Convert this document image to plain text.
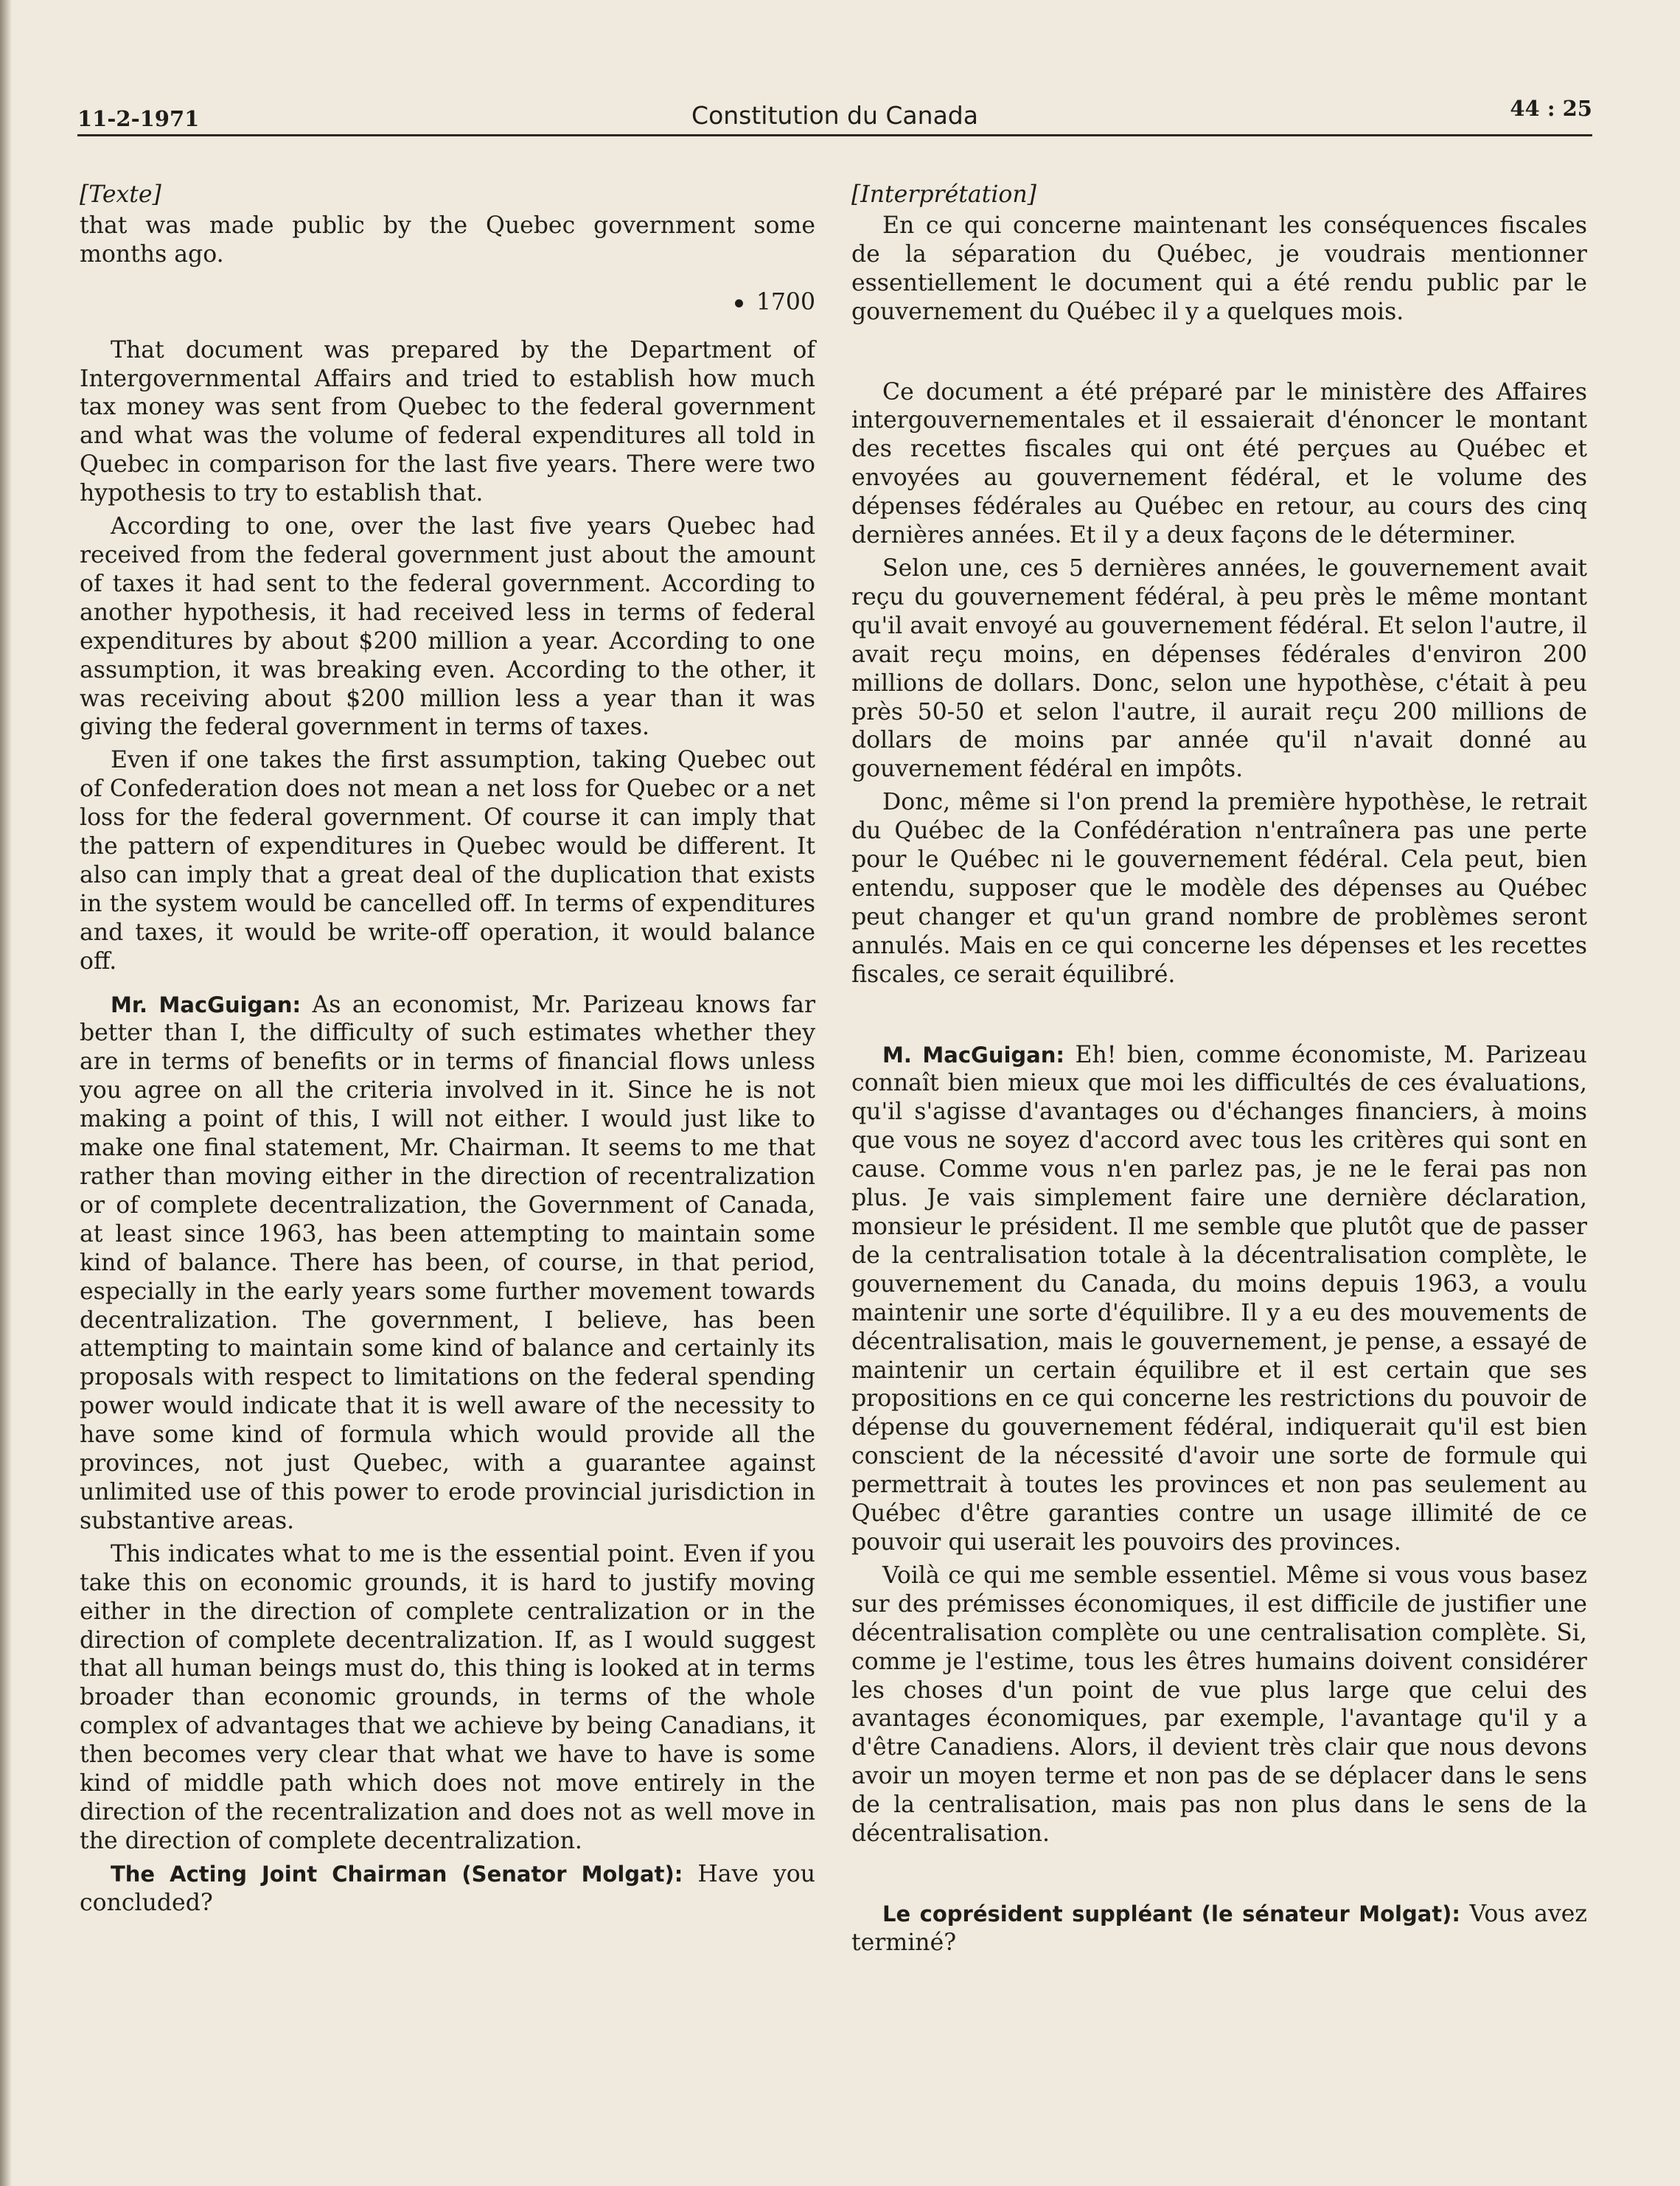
11-2-1971	Constitution du Canada	44 : 25
[Texte]

that was made public by the Quebec government some months ago.

1700

That document was prepared by the Department of Intergovernmental Affairs and tried to establish how much tax money was sent from Quebec to the federal government and what was the volume of federal expenditures all told in Quebec in comparison for the last five years. There were two hypothesis to try to establish that.

According to one, over the last five years Quebec had received from the federal government just about the amount of taxes it had sent to the federal government. According to another hypothesis, it had received less in terms of federal expenditures by about $200 million a year. According to one assumption, it was breaking even. According to the other, it was receiving about $200 million less a year than it was giving the federal government in terms of taxes.

Even if one takes the first assumption, taking Quebec out of Confederation does not mean a net loss for Quebec or a net loss for the federal government. Of course it can imply that the pattern of expenditures in Quebec would be different. It also can imply that a great deal of the duplication that exists in the system would be cancelled off. In terms of expenditures and taxes, it would be write-off operation, it would balance off.

Mr. MacGuigan: As an economist, Mr. Parizeau knows far better than I, the difficulty of such estimates whether they are in terms of benefits or in terms of financial flows unless you agree on all the criteria involved in it. Since he is not making a point of this, I will not either. I would just like to make one final statement, Mr. Chairman. It seems to me that rather than moving either in the direction of recentralization or of complete decentralization, the Government of Canada, at least since 1963, has been attempting to maintain some kind of balance. There has been, of course, in that period, especially in the early years some further movement towards decentralization. The government, I believe, has been attempting to maintain some kind of balance and certainly its proposals with respect to limitations on the federal spending power would indicate that it is well aware of the necessity to have some kind of formula which would provide all the provinces, not just Quebec, with a guarantee against unlimited use of this power to erode provincial jurisdiction in substantive areas.

This indicates what to me is the essential point. Even if you take this on economic grounds, it is hard to justify moving either in the direction of complete centralization or in the direction of complete decentralization. If, as I would suggest that all human beings must do, this thing is looked at in terms broader than economic grounds, in terms of the whole complex of advantages that we achieve by being Canadians, it then becomes very clear that what we have to have is some kind of middle path which does not move entirely in the direction of the recentralization and does not as well move in the direction of complete decentralization.

The Acting Joint Chairman (Senator Molgat): Have you concluded?

[Interprétation]

En ce qui concerne maintenant les conséquences fiscales de la séparation du Québec, je voudrais mentionner essentiellement le document qui a été rendu public par le gouvernement du Québec il y a quelques mois.

Ce document a été préparé par le ministère des Affaires intergouvernementales et il essaierait d'énoncer le montant des recettes fiscales qui ont été perçues au Québec et envoyées au gouvernement fédéral, et le volume des dépenses fédérales au Québec en retour, au cours des cinq dernières années. Et il y a deux façons de le déterminer.

Selon une, ces 5 dernières années, le gouvernement avait reçu du gouvernement fédéral, à peu près le même montant qu'il avait envoyé au gouvernement fédéral. Et selon l'autre, il avait reçu moins, en dépenses fédérales d'environ 200 millions de dollars. Donc, selon une hypothèse, c'était à peu près 50-50 et selon l'autre, il aurait reçu 200 millions de dollars de moins par année qu'il n'avait donné au gouvernement fédéral en impôts.

Donc, même si l'on prend la première hypothèse, le retrait du Québec de la Confédération n'entraînera pas une perte pour le Québec ni le gouvernement fédéral. Cela peut, bien entendu, supposer que le modèle des dépenses au Québec peut changer et qu'un grand nombre de problèmes seront annulés. Mais en ce qui concerne les dépenses et les recettes fiscales, ce serait équilibré.

M. MacGuigan: Eh! bien, comme économiste, M. Parizeau connaît bien mieux que moi les difficultés de ces évaluations, qu'il s'agisse d'avantages ou d'échanges financiers, à moins que vous ne soyez d'accord avec tous les critères qui sont en cause. Comme vous n'en parlez pas, je ne le ferai pas non plus. Je vais simplement faire une dernière déclaration, monsieur le président. Il me semble que plutôt que de passer de la centralisation totale à la décentralisation complète, le gouvernement du Canada, du moins depuis 1963, a voulu maintenir une sorte d'équilibre. Il y a eu des mouvements de décentralisation, mais le gouvernement, je pense, a essayé de maintenir un certain équilibre et il est certain que ses propositions en ce qui concerne les restrictions du pouvoir de dépense du gouvernement fédéral, indiquerait qu'il est bien conscient de la nécessité d'avoir une sorte de formule qui permettrait à toutes les provinces et non pas seulement au Québec d'être garanties contre un usage illimité de ce pouvoir qui userait les pouvoirs des provinces.

Voilà ce qui me semble essentiel. Même si vous vous basez sur des prémisses économiques, il est difficile de justifier une décentralisation complète ou une centralisation complète. Si, comme je l'estime, tous les êtres humains doivent considérer les choses d'un point de vue plus large que celui des avantages économiques, par exemple, l'avantage qu'il y a d'être Canadiens. Alors, il devient très clair que nous devons avoir un moyen terme et non pas de se déplacer dans le sens de la centralisation, mais pas non plus dans le sens de la décentralisation.

Le coprésident suppléant (le sénateur Molgat): Vous avez terminé?
